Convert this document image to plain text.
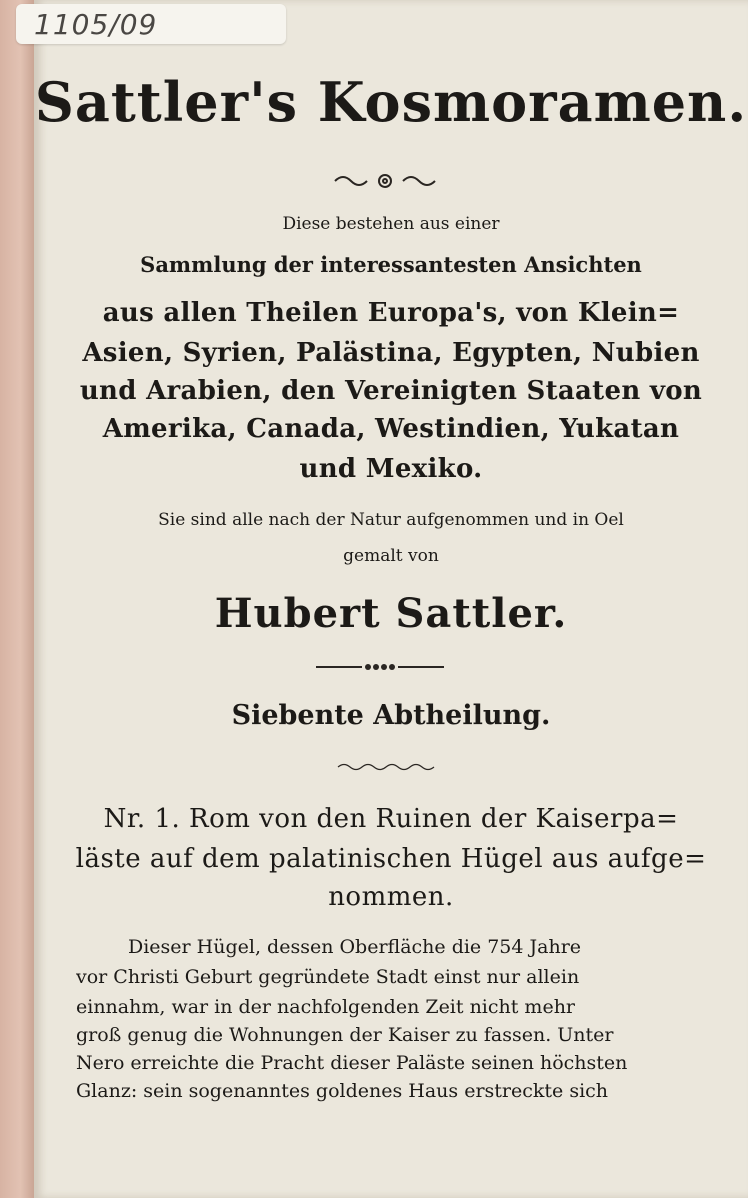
1105/09
Sattler's Kosmoramen.
Diese bestehen aus einer
Sammlung der interessantesten Ansichten
aus allen Theilen Europa's, von Klein=
Asien, Syrien, Palästina, Egypten, Nubien
und Arabien, den Vereinigten Staaten von
Amerika, Canada, Westindien, Yukatan
und Mexiko.
Sie sind alle nach der Natur aufgenommen und in Oel
gemalt von
Hubert Sattler.
Siebente Abtheilung.
Nr. 1. Rom von den Ruinen der Kaiserpa=
läste auf dem palatinischen Hügel aus aufge=
nommen.
Dieser Hügel, dessen Oberfläche die 754 Jahre
vor Christi Geburt gegründete Stadt einst nur allein
einnahm, war in der nachfolgenden Zeit nicht mehr
groß genug die Wohnungen der Kaiser zu fassen. Unter
Nero erreichte die Pracht dieser Paläste seinen höchsten
Glanz: sein sogenanntes goldenes Haus erstreckte sich
